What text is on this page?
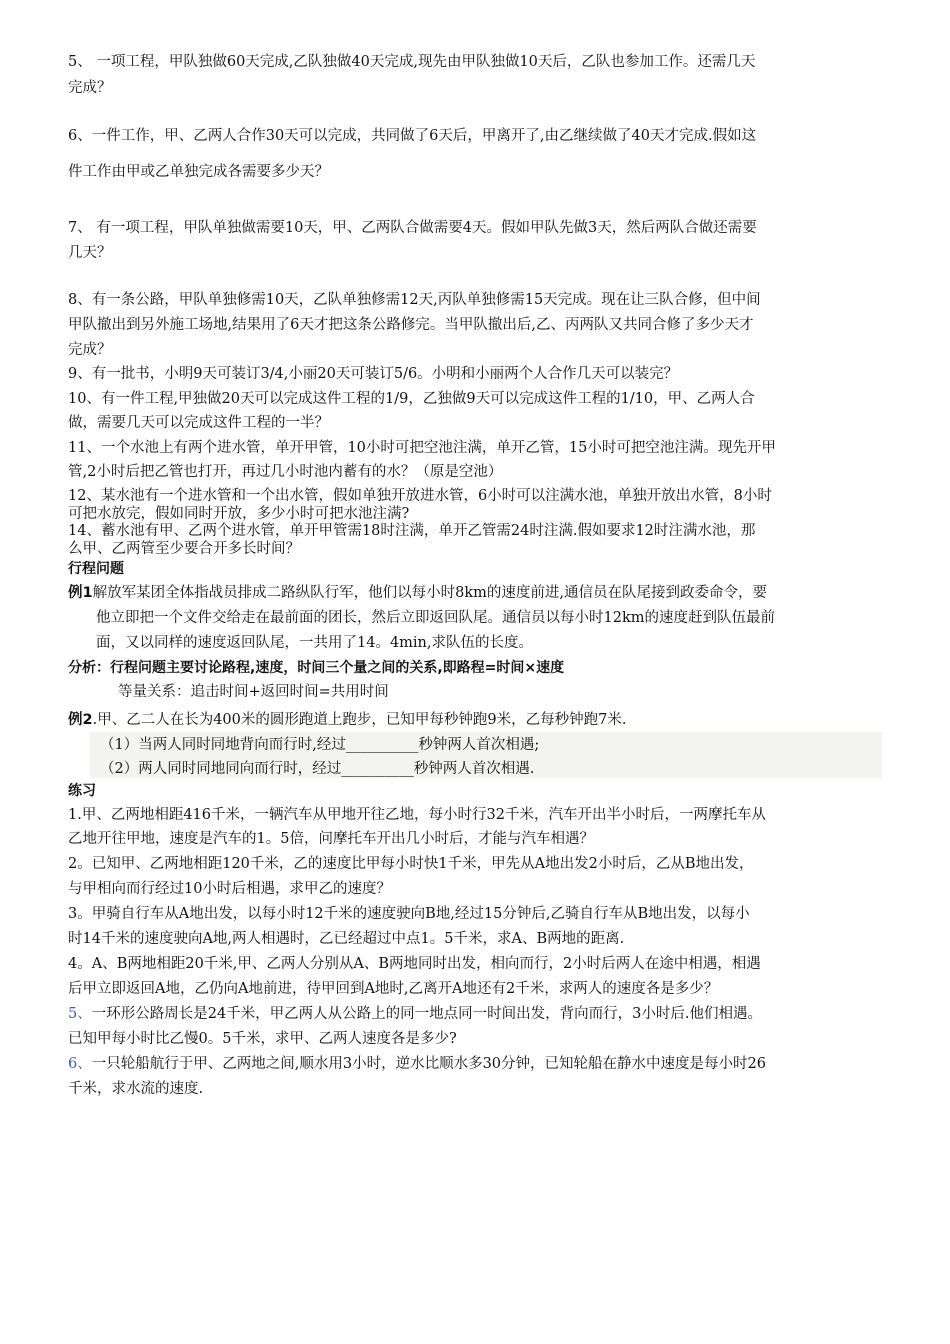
5、 一项工程，甲队独做60天完成,乙队独做40天完成,现先由甲队独做10天后，乙队也参加工作。还需几天
完成？
6、一件工作，甲、乙两人合作30天可以完成，共同做了6天后，甲离开了,由乙继续做了40天才完成.假如这
件工作由甲或乙单独完成各需要多少天？
7、 有一项工程，甲队单独做需要10天，甲、乙两队合做需要4天。假如甲队先做3天，然后两队合做还需要
几天？
8、有一条公路，甲队单独修需10天，乙队单独修需12天,丙队单独修需15天完成。现在让三队合修，但中间
甲队撤出到另外施工场地,结果用了6天才把这条公路修完。当甲队撤出后,乙、丙两队又共同合修了多少天才
完成？
9、有一批书，小明9天可装订3/4,小丽20天可装订5/6。小明和小丽两个人合作几天可以装完？
10、有一件工程,甲独做20天可以完成这件工程的1/9，乙独做9天可以完成这件工程的1/10，甲、乙两人合
做，需要几天可以完成这件工程的一半？
11、一个水池上有两个进水管，单开甲管，10小时可把空池注满，单开乙管，15小时可把空池注满。现先开甲
管,2小时后把乙管也打开，再过几小时池内蓄有的水？（原是空池）
12、某水池有一个进水管和一个出水管，假如单独开放进水管，6小时可以注满水池，单独开放出水管，8小时
可把水放完，假如同时开放，多少小时可把水池注满?
14、蓄水池有甲、乙两个进水管，单开甲管需18时注满，单开乙管需24时注满.假如要求12时注满水池，那
么甲、乙两管至少要合开多长时间？
行程问题
例1解放军某团全体指战员排成二路纵队行军，他们以每小时8km的速度前进,通信员在队尾接到政委命令，要
他立即把一个文件交给走在最前面的团长，然后立即返回队尾。通信员以每小时12km的速度赶到队伍最前
面，又以同样的速度返回队尾，一共用了14。4min,求队伍的长度。
分析：行程问题主要讨论路程,速度，时间三个量之间的关系,即路程=时间×速度
等量关系：追击时间+返回时间=共用时间
例2.甲、乙二人在长为400米的圆形跑道上跑步，已知甲每秒钟跑9米，乙每秒钟跑7米.
（1）当两人同时同地背向而行时,经过__________秒钟两人首次相遇;
（2）两人同时同地同向而行时，经过__________秒钟两人首次相遇.
练习
1.甲、乙两地相距416千米，一辆汽车从甲地开往乙地，每小时行32千米，汽车开出半小时后，一两摩托车从
乙地开往甲地，速度是汽车的1。5倍，问摩托车开出几小时后，才能与汽车相遇？
2。已知甲、乙两地相距120千米，乙的速度比甲每小时快1千米，甲先从A地出发2小时后，乙从B地出发，
与甲相向而行经过10小时后相遇，求甲乙的速度？
3。甲骑自行车从A地出发，以每小时12千米的速度驶向B地,经过15分钟后,乙骑自行车从B地出发，以每小
时14千米的速度驶向A地,两人相遇时，乙已经超过中点1。5千米，求A、B两地的距离.
4。A、B两地相距20千米,甲、乙两人分别从A、B两地同时出发，相向而行，2小时后两人在途中相遇，相遇
后甲立即返回A地，乙仍向A地前进，待甲回到A地时,乙离开A地还有2千米，求两人的速度各是多少？
5、一环形公路周长是24千米，甲乙两人从公路上的同一地点同一时间出发，背向而行，3小时后.他们相遇。
已知甲每小时比乙慢0。5千米，求甲、乙两人速度各是多少?
6、一只轮船航行于甲、乙两地之间,顺水用3小时，逆水比顺水多30分钟，已知轮船在静水中速度是每小时26
千米，求水流的速度.
